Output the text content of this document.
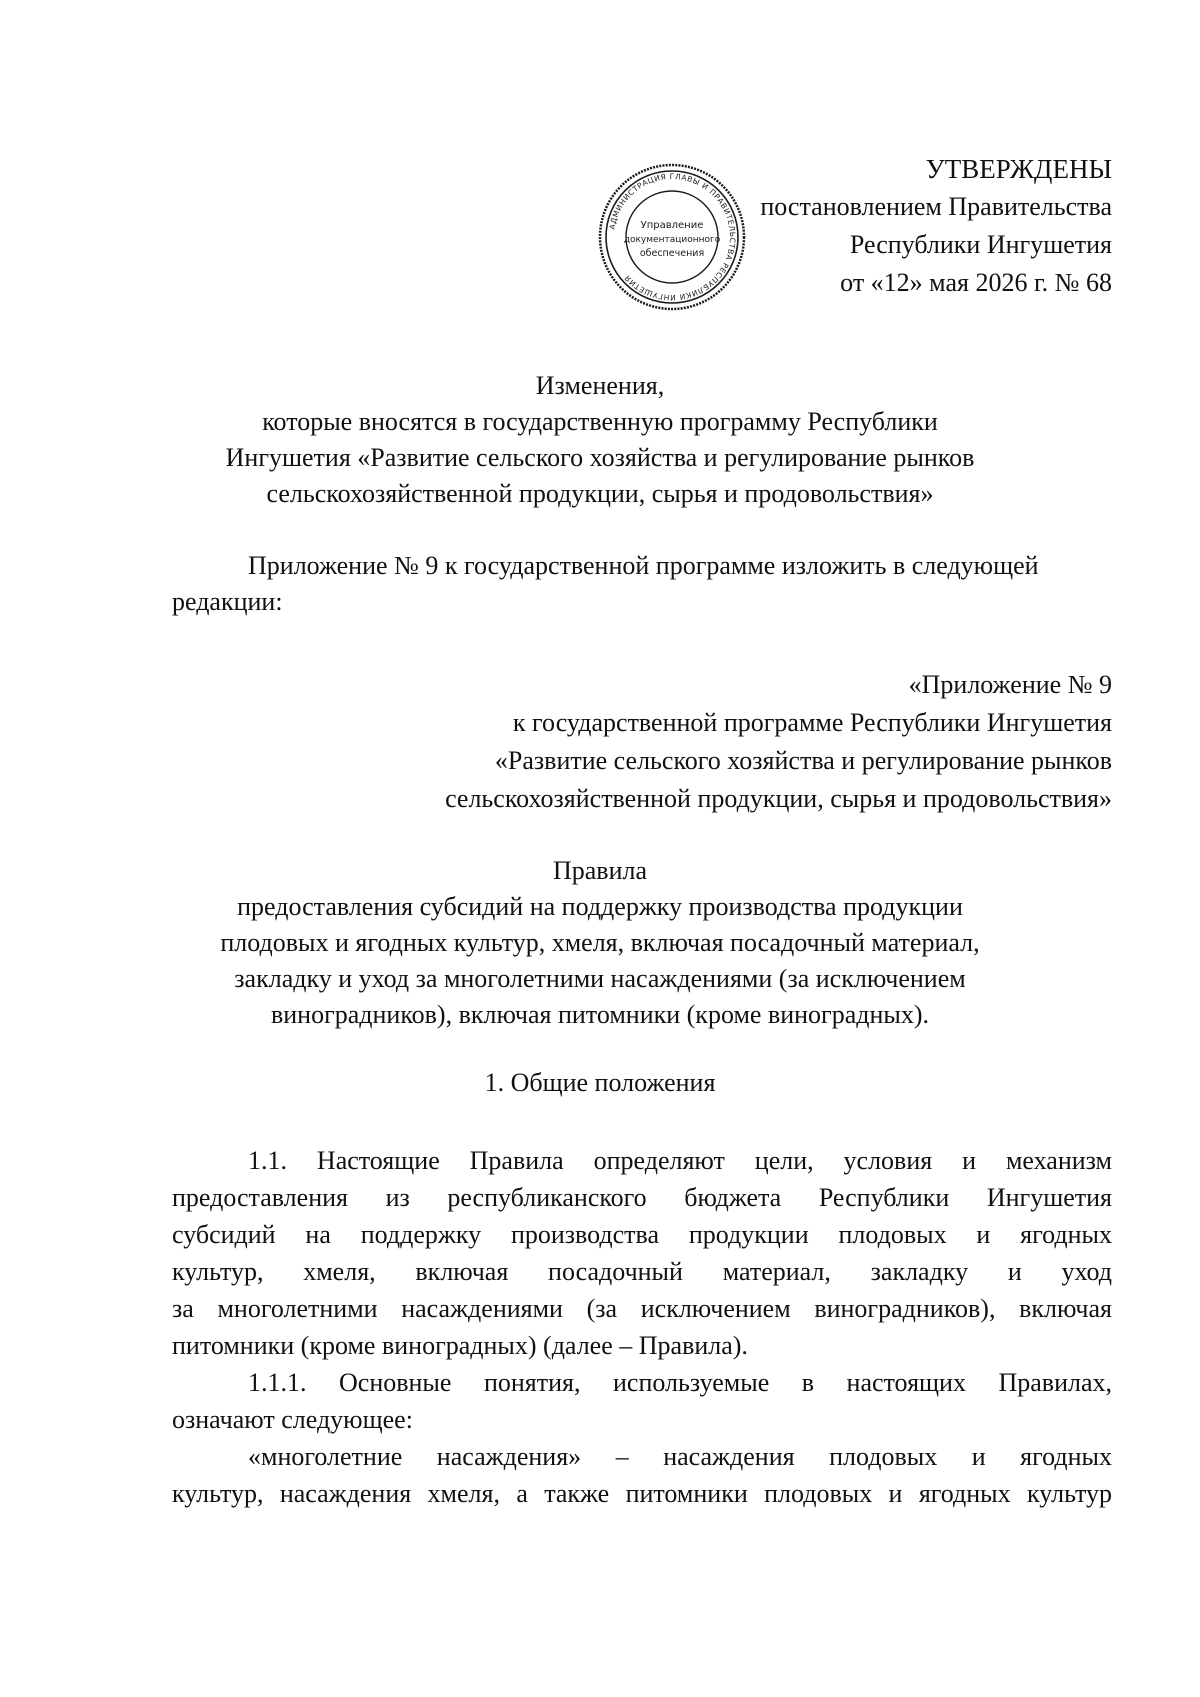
УТВЕРЖДЕНЫ
постановлением Правительства
Республики Ингушетия
от «12» мая 2026 г. № 68
АДМИНИСТРАЦИЯ ГЛАВЫ И ПРАВИТЕЛЬСТВА РЕСПУБЛИКИ ИНГУШЕТИЯ
Управление
документационного
обеспечения
Изменения,
которые вносятся в государственную программу Республики
Ингушетия «Развитие сельского хозяйства и регулирование рынков
сельскохозяйственной продукции, сырья и продовольствия»
Приложение № 9 к государственной программе изложить в следующей редакции:
«Приложение № 9
к государственной программе Республики Ингушетия
«Развитие сельского хозяйства и регулирование рынков
сельскохозяйственной продукции, сырья и продовольствия»
Правила
предоставления субсидий на поддержку производства продукции
плодовых и ягодных культур, хмеля, включая посадочный материал,
закладку и уход за многолетними насаждениями (за исключением
виноградников), включая питомники (кроме виноградных).
1. Общие положения
1.1. Настоящие Правила определяют цели, условия и механизм
предоставления из республиканского бюджета Республики Ингушетия
субсидий на поддержку производства продукции плодовых и ягодных
культур, хмеля, включая посадочный материал, закладку и уход
за многолетними насаждениями (за исключением виноградников), включая
питомники (кроме виноградных) (далее – Правила).
1.1.1. Основные понятия, используемые в настоящих Правилах,
означают следующее:
«многолетние насаждения» – насаждения плодовых и ягодных
культур, насаждения хмеля, а также питомники плодовых и ягодных культур
